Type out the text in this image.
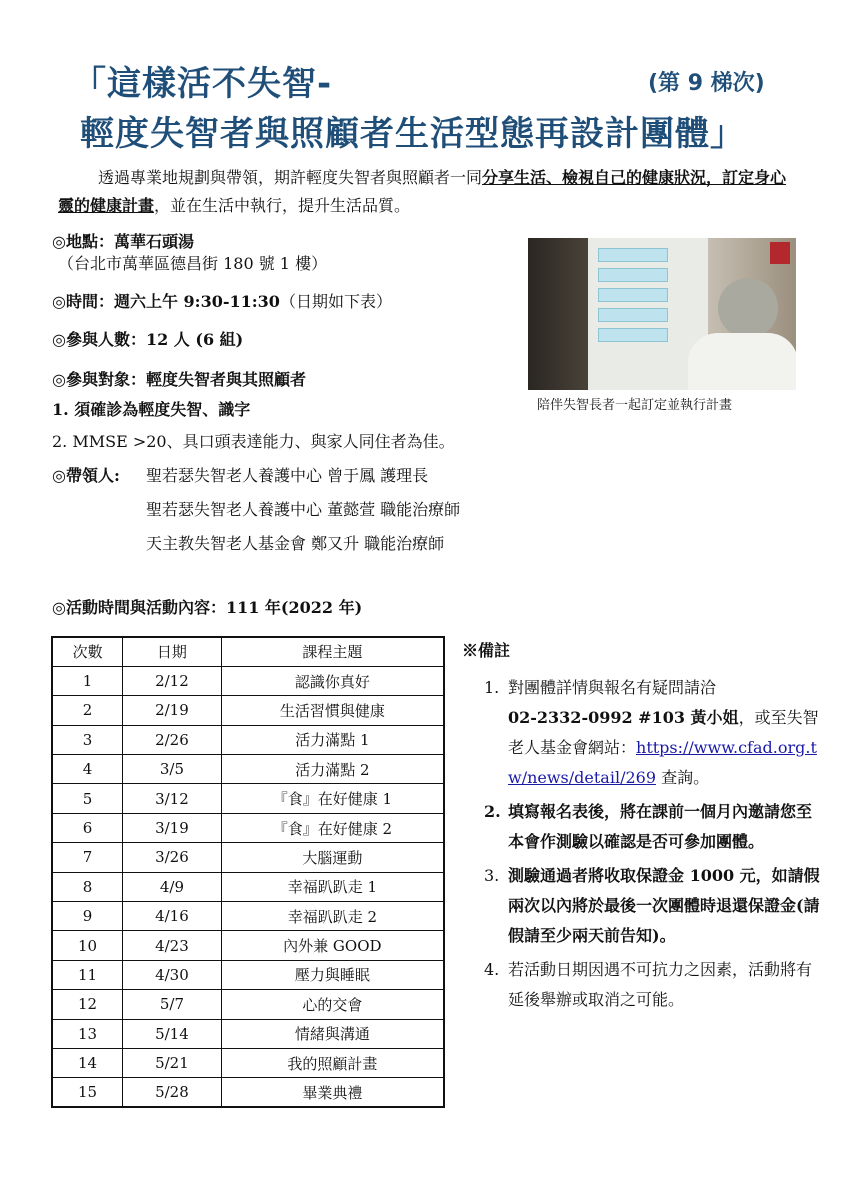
「這樣活不失智-	(第 9 梯次)
輕度失智者與照顧者生活型態再設計團體」
透過專業地規劃與帶領，期許輕度失智者與照顧者一同分享生活、檢視自己的健康狀況，訂定身心靈的健康計畫，並在生活中執行，提升生活品質。
◎地點：萬華石頭湯
（台北市萬華區德昌街 180 號 1 樓）
◎時間：週六上午 9:30-11:30（日期如下表）
◎參與人數：12 人 (6 組)
◎參與對象：輕度失智者與其照顧者
1. 須確診為輕度失智、識字
2. MMSE >20、具口頭表達能力、與家人同住者為佳。
◎帶領人: 聖若瑟失智老人養護中心 曾于鳳 護理長
聖若瑟失智老人養護中心 董懿萱 職能治療師
天主教失智老人基金會 鄭又升 職能治療師
陪伴失智長者一起訂定並執行計畫
◎活動時間與活動內容：111 年(2022 年)
次數	日期	課程主題
1	2/12	認識你真好
2	2/19	生活習慣與健康
3	2/26	活力滿點 1
4	3/5	活力滿點 2
5	3/12	『食』在好健康 1
6	3/19	『食』在好健康 2
7	3/26	大腦運動
8	4/9	幸福趴趴走 1
9	4/16	幸福趴趴走 2
10	4/23	內外兼 GOOD
11	4/30	壓力與睡眠
12	5/7	心的交會
13	5/14	情緒與溝通
14	5/21	我的照顧計畫
15	5/28	畢業典禮
※備註
1. 對團體詳情與報名有疑問請洽
02-2332-0992 #103 黃小姐，或至失智老人基金會網站：https://www.cfad.org.tw/news/detail/269 查詢。
2. 填寫報名表後，將在課前一個月內邀請您至本會作測驗以確認是否可參加團體。
3. 測驗通過者將收取保證金 1000 元，如請假兩次以內將於最後一次團體時退還保證金(請假請至少兩天前告知)。
4. 若活動日期因遇不可抗力之因素，活動將有延後舉辦或取消之可能。
